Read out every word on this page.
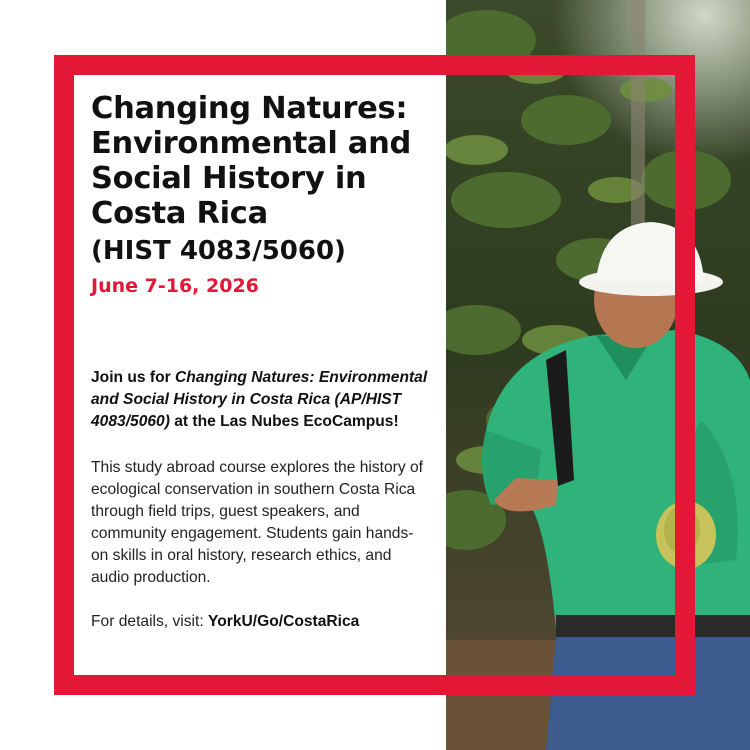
Changing Natures: Environmental and Social History in Costa Rica
(HIST 4083/5060)
June 7-16, 2026

Join us for Changing Natures: Environmental and Social History in Costa Rica (AP/HIST 4083/5060) at the Las Nubes EcoCampus!

This study abroad course explores the history of ecological conservation in southern Costa Rica through field trips, guest speakers, and community engagement. Students gain hands-on skills in oral history, research ethics, and audio production.

For details, visit: YorkU/Go/CostaRica
